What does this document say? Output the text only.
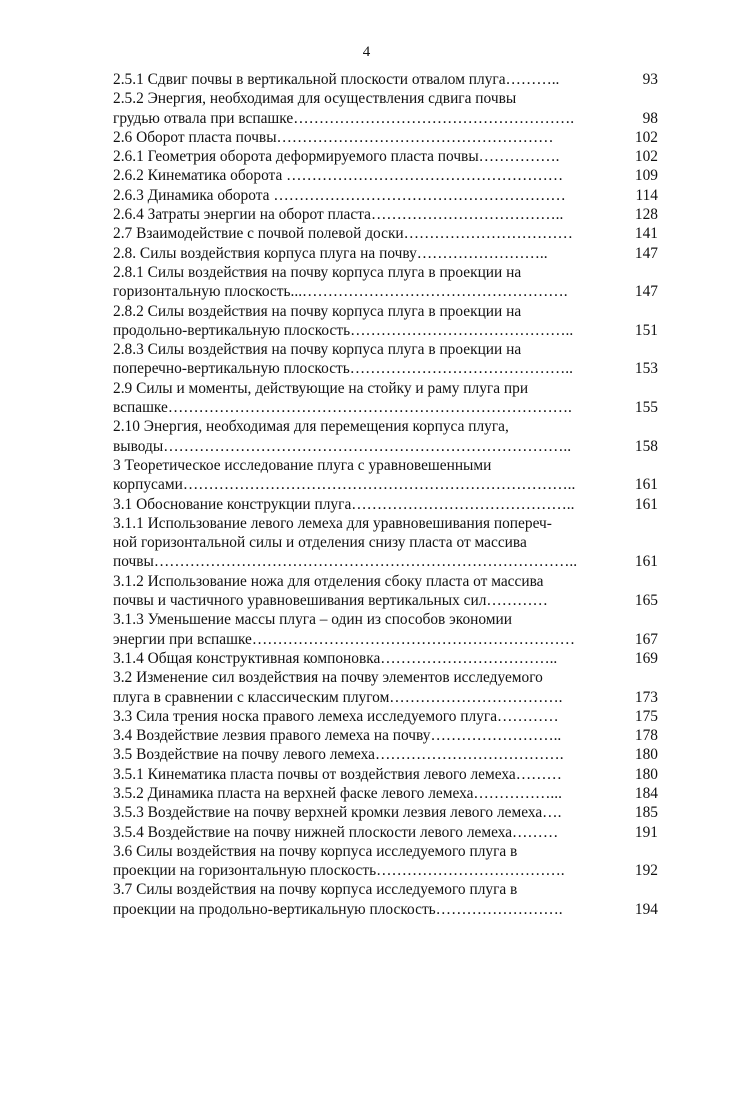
4
2.5.1 Сдвиг почвы в вертикальной плоскости отвалом плуга………..	93
2.5.2 Энергия, необходимая для осуществления сдвига почвы
грудью отвала при вспашке……………………………………………….	98
2.6 Оборот пласта почвы………………………………………………	102
2.6.1 Геометрия оборота деформируемого пласта почвы…………….	102
2.6.2 Кинематика оборота ………………………………………………	109
2.6.3 Динамика оборота …………………………………………………	114
2.6.4 Затраты энергии на оборот пласта………………………………..	128
2.7 Взаимодействие с почвой полевой доски……………………………	141
2.8. Силы воздействия корпуса плуга на почву……………………..	147
2.8.1 Силы воздействия на почву корпуса плуга в проекции на
горизонтальную плоскость...…………………………………………….	147
2.8.2 Силы воздействия на почву корпуса плуга в проекции на
продольно-вертикальную плоскость……………………………………..	151
2.8.3 Силы воздействия на почву корпуса плуга в проекции на
поперечно-вертикальную плоскость……………………………………..	153
2.9 Силы и моменты, действующие на стойку и раму плуга при
вспашке…………………………………………………………………….	155
2.10 Энергия, необходимая для перемещения корпуса плуга,
выводы……………………………………………………………………..	158
3 Теоретическое исследование плуга с уравновешенными
корпусами…………………………………………………………………..	161
3.1 Обоснование конструкции плуга……………………………………..	161
3.1.1 Использование левого лемеха для уравновешивания попереч-
ной горизонтальной силы и отделения снизу пласта от массива
почвы………………………………………………………………………..	161
3.1.2 Использование ножа для отделения сбоку пласта от массива
почвы и частичного уравновешивания вертикальных сил…………	165
3.1.3 Уменьшение массы плуга – один из способов экономии
энергии при вспашке………………………………………………………	167
3.1.4 Общая конструктивная компоновка……………………………..	169
3.2 Изменение сил воздействия на почву элементов исследуемого
плуга в сравнении с классическим плугом…………………………….	173
3.3 Сила трения носка правого лемеха исследуемого плуга…………	175
3.4 Воздействие лезвия правого лемеха на почву……………………..	178
3.5 Воздействие на почву левого лемеха……………………………….	180
3.5.1 Кинематика пласта почвы от воздействия левого лемеха………	180
3.5.2 Динамика пласта на верхней фаске левого лемеха……………...	184
3.5.3 Воздействие на почву верхней кромки лезвия левого лемеха….	185
3.5.4 Воздействие на почву нижней плоскости левого лемеха………	191
3.6 Силы воздействия на почву корпуса исследуемого плуга в
проекции на горизонтальную плоскость……………………………….	192
3.7 Силы воздействия на почву корпуса исследуемого плуга в
проекции на продольно-вертикальную плоскость…………………….	194
